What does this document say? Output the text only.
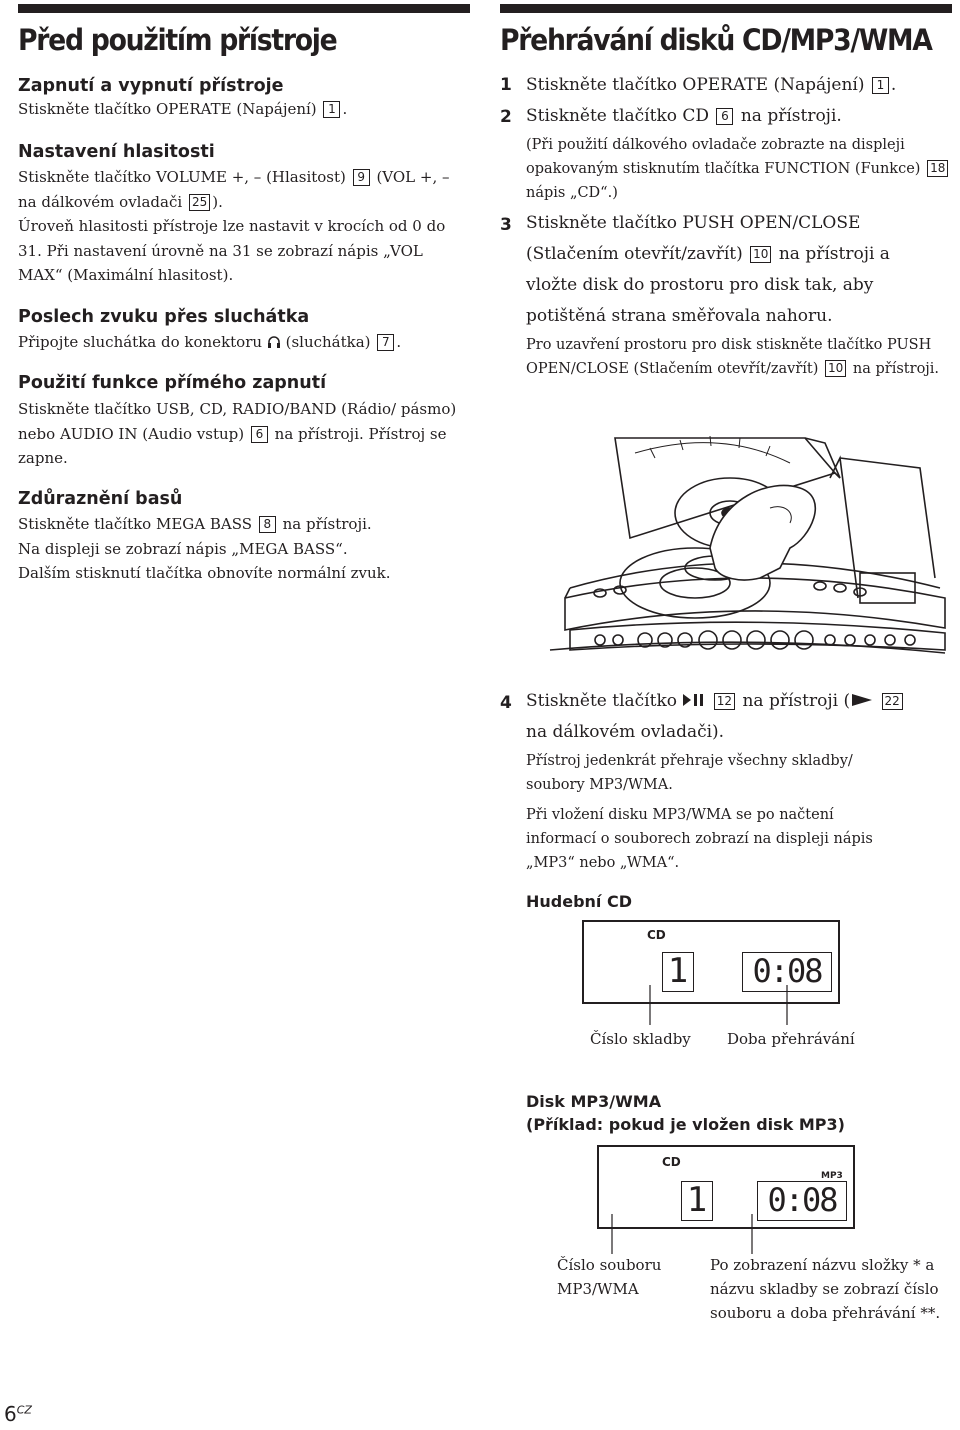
Před použitím přístroje
Zapnutí a vypnutí přístroje

Stiskněte tlačítko OPERATE (Napájení) 1 .

Nastavení hlasitosti

Stiskněte tlačítko VOLUME +, – (Hlasitost) 9 (VOL +, – na dálkovém ovladači 25 ).
Úroveň hlasitosti přístroje lze nastavit v krocích od 0 do 31. Při nastavení úrovně na 31 se zobrazí nápis „VOL MAX“ (Maximální hlasitost).

Poslech zvuku přes sluchátka

Připojte sluchátka do konektoru (sluchátka) 7 .

Použití funkce přímého zapnutí

Stiskněte tlačítko USB, CD, RADIO/BAND (Rádio/ pásmo) nebo AUDIO IN (Audio vstup) 6 na přístroji. Přístroj se zapne.

Zdůraznění basů

Stiskněte tlačítko MEGA BASS 8 na přístroji.
Na displeji se zobrazí nápis „MEGA BASS“.
Dalším stisknutí tlačítka obnovíte normální zvuk.

Přehrávání disků CD/MP3/WMA
1 Stiskněte tlačítko OPERATE (Napájení) 1 .

2 Stiskněte tlačítko CD 6 na přístroji.

(Při použití dálkového ovladače zobrazte na displeji opakovaným stisknutím tlačítka FUNCTION (Funkce) 18 nápis „CD“.)

3 Stiskněte tlačítko PUSH OPEN/CLOSE (Stlačením otevřít/zavřít) 10 na přístroji a vložte disk do prostoru pro disk tak, aby potištěná strana směřovala nahoru.

Pro uzavření prostoru pro disk stiskněte tlačítko PUSH OPEN/CLOSE (Stlačením otevřít/zavřít) 10 na přístroji.

4 Stiskněte tlačítko	12 na přístroji (	22
na dálkovém ovladači).

Přístroj jedenkrát přehraje všechny skladby/ soubory MP3/WMA.

Při vložení disku MP3/WMA se po načtení informací o souborech zobrazí na displeji nápis „MP3“ nebo „WMA“.

Hudební CD
CD
1 0:08
Číslo skladby Doba přehrávání
Disk MP3/WMA
(Příklad: pokud je vložen disk MP3)
CD
MP3
1 0:08
Číslo souboru MP3/WMA
Po zobrazení názvu složky * a názvu skladby se zobrazí číslo souboru a doba přehrávání **.
$6^{CZ}$
